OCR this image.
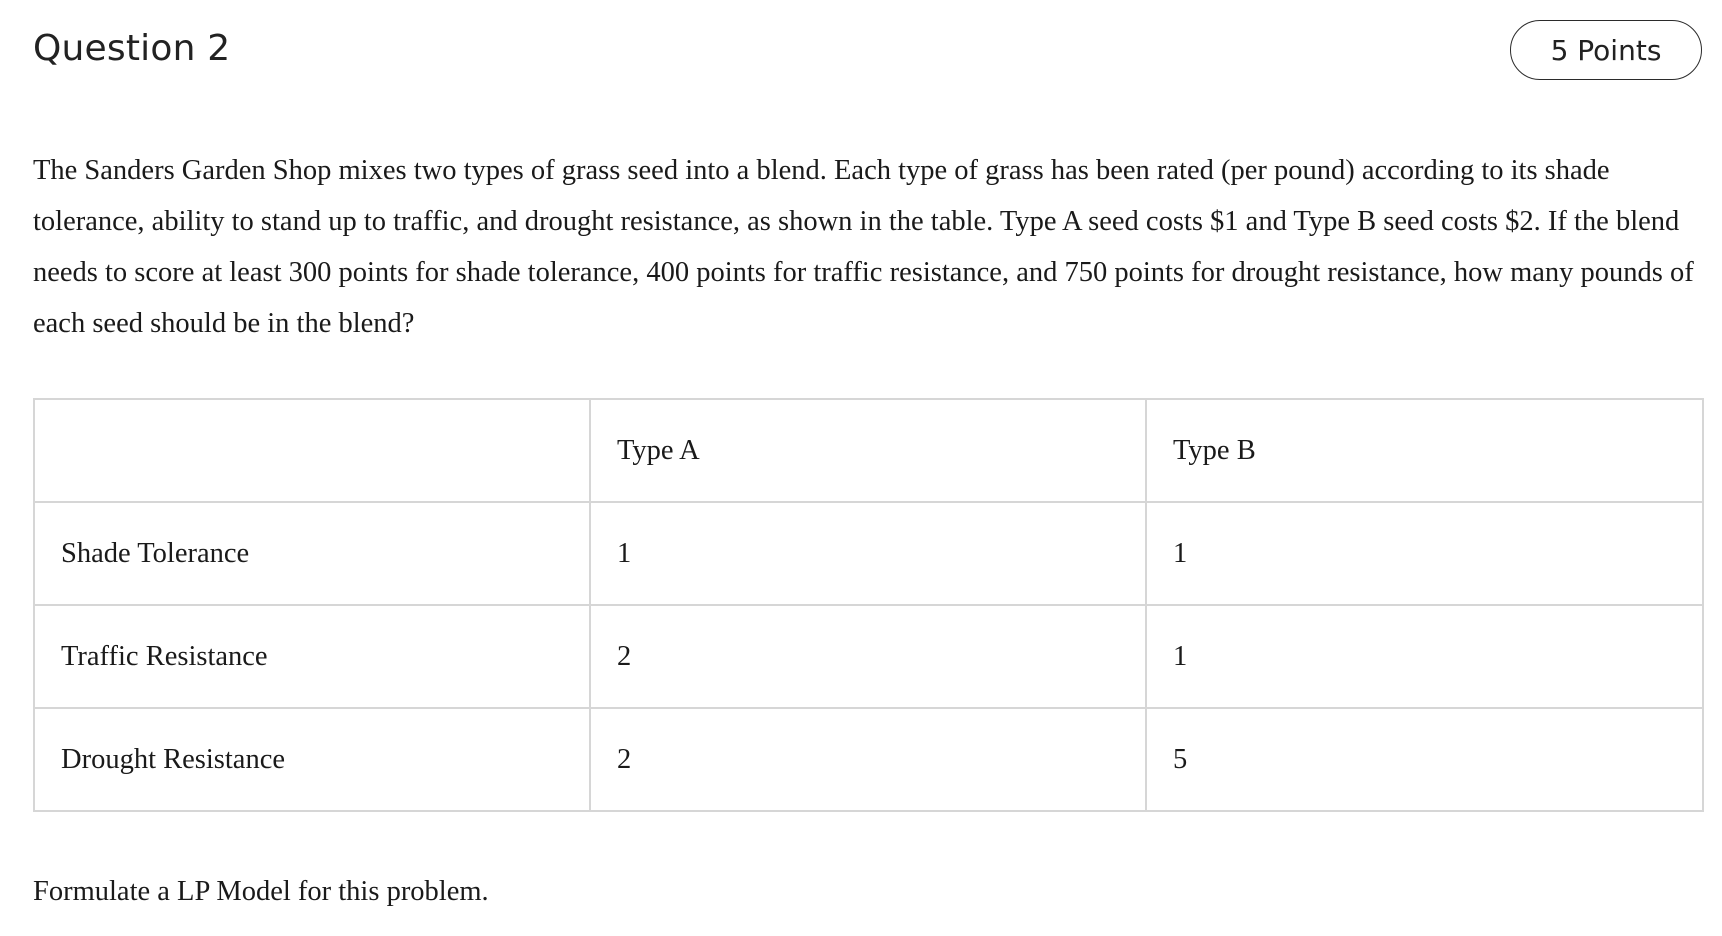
Question 2	5 Points

The Sanders Garden Shop mixes two types of grass seed into a blend. Each type of grass has been rated (per pound) according to its shade tolerance, ability to stand up to traffic, and drought resistance, as shown in the table. Type A seed costs $1 and Type B seed costs $2. If the blend needs to score at least 300 points for shade tolerance, 400 points for traffic resistance, and 750 points for drought resistance, how many pounds of each seed should be in the blend?

	Type A	Type B
Shade Tolerance	1	1
Traffic Resistance	2	1
Drought Resistance	2	5
Formulate a LP Model for this problem.
